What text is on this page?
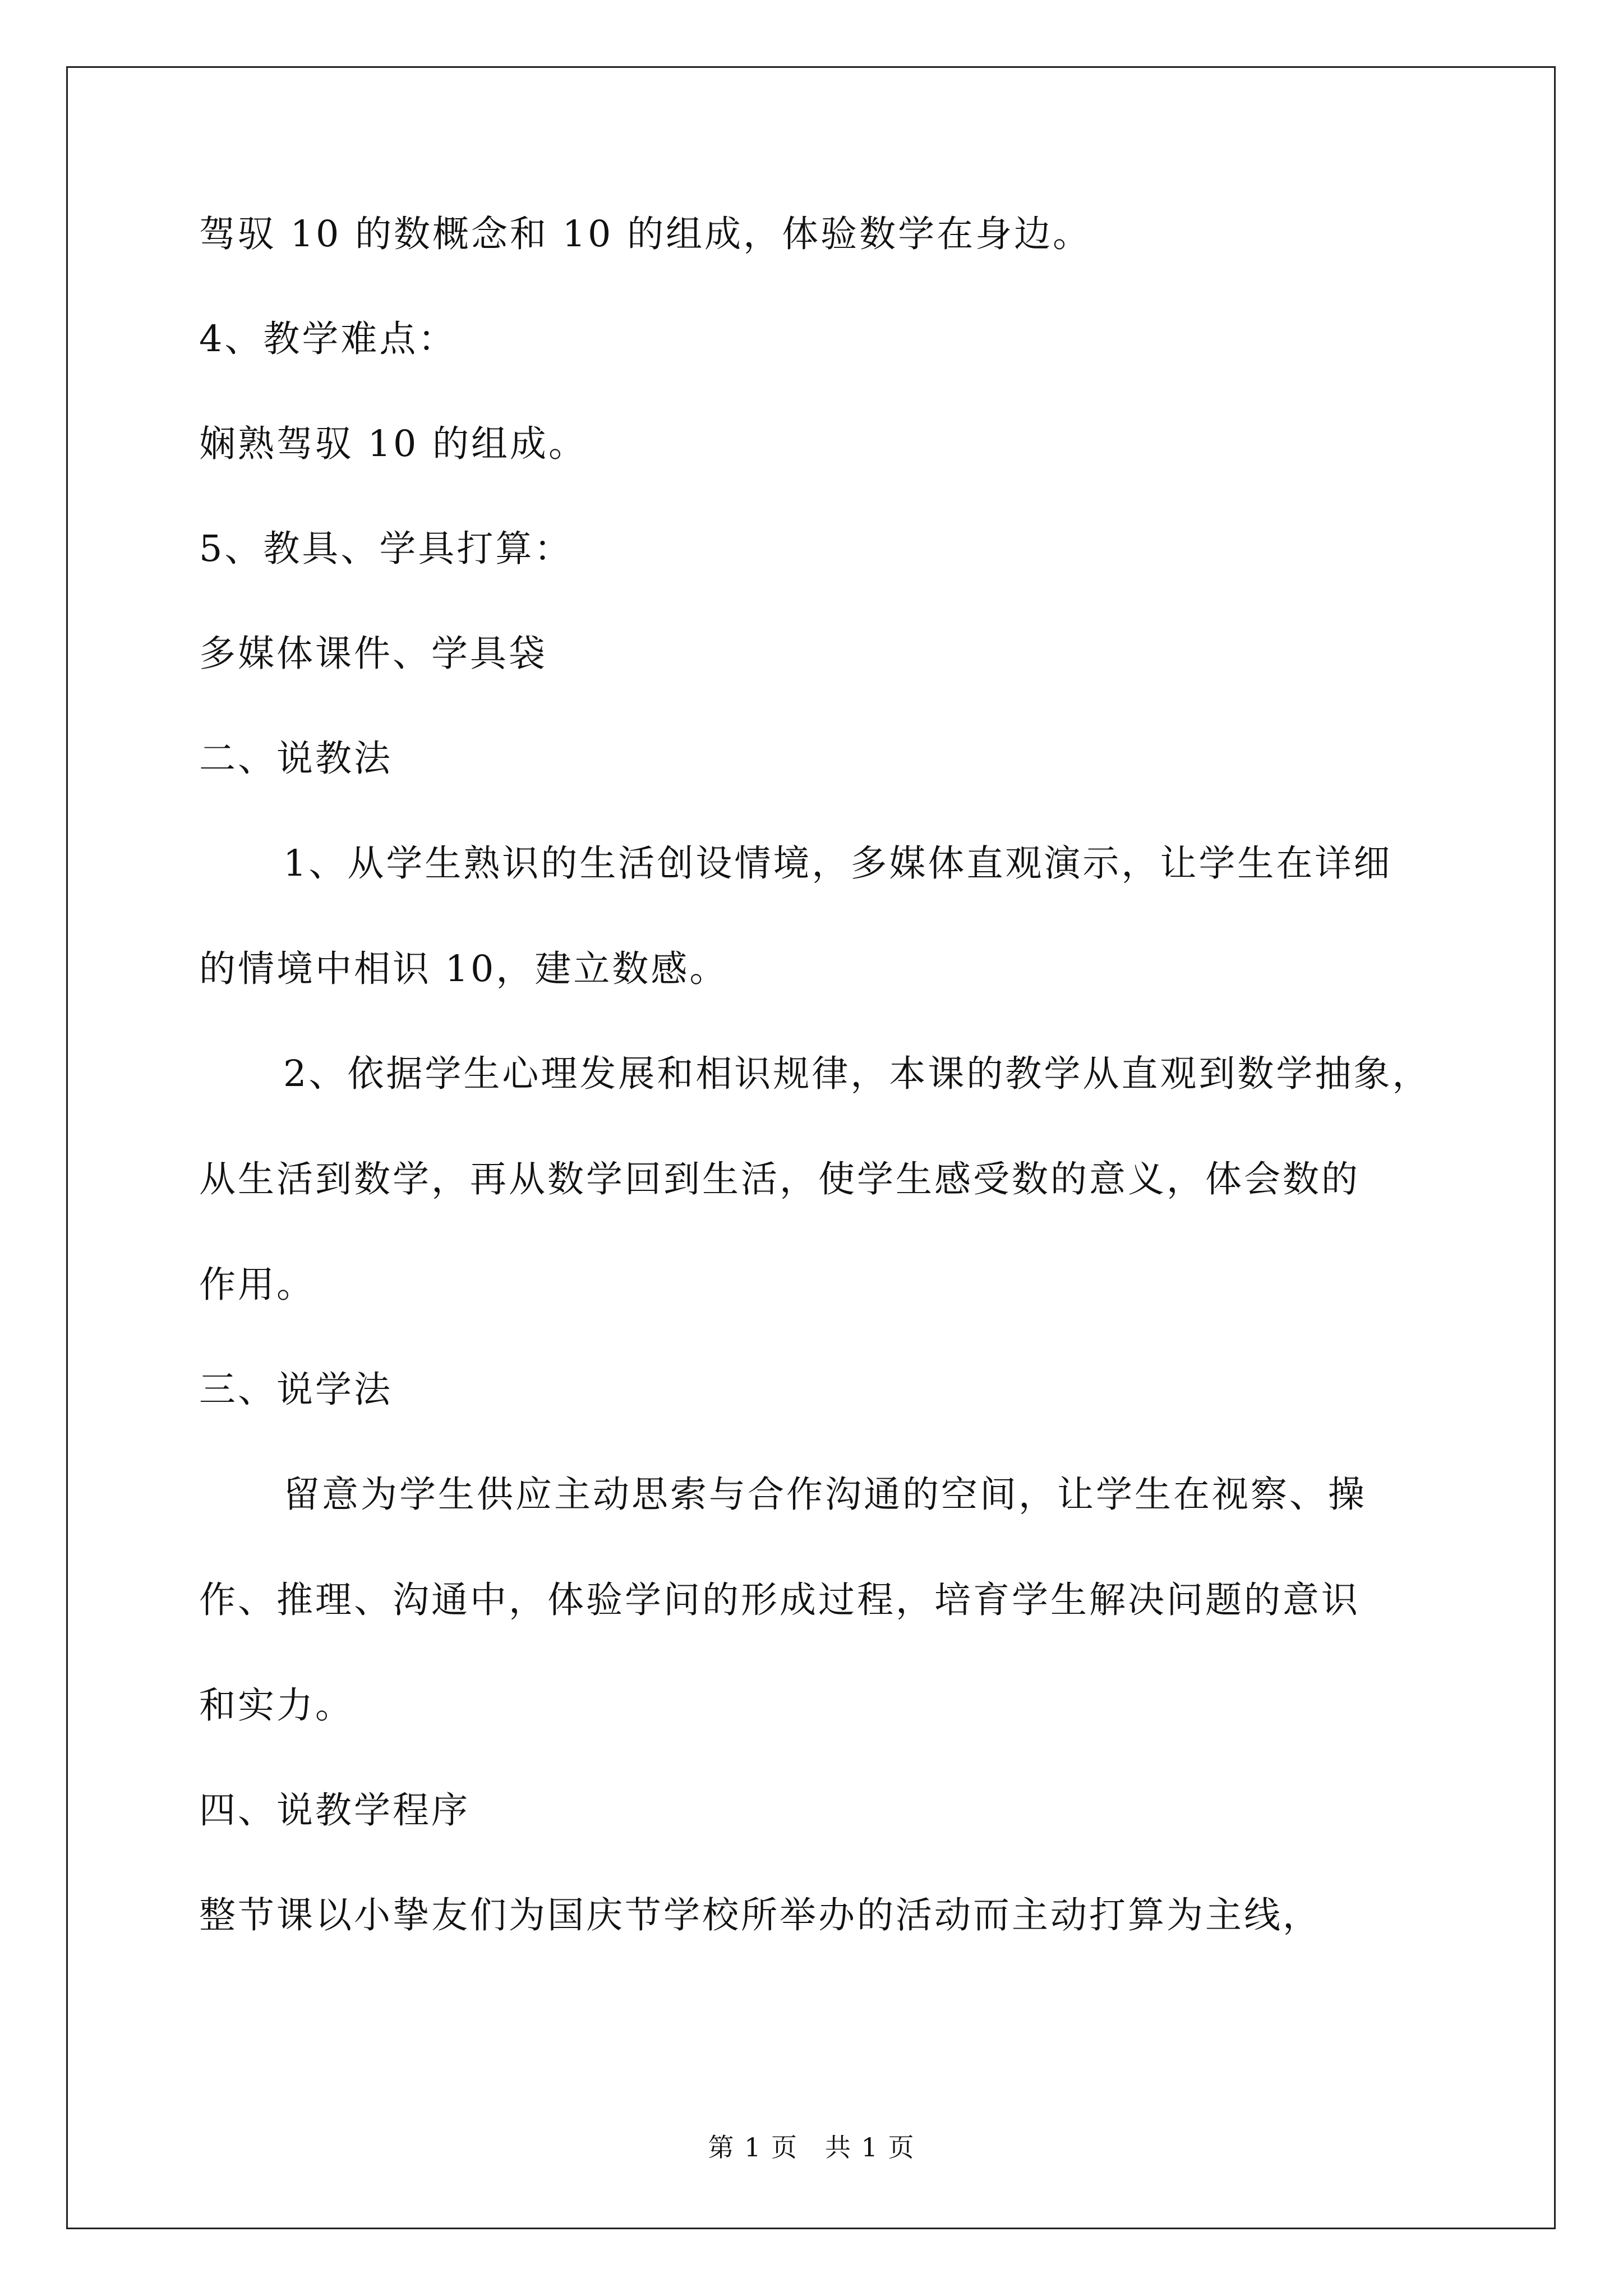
驾驭 10 的数概念和 10 的组成，体验数学在身边。

4、教学难点：

娴熟驾驭 10 的组成。

5、教具、学具打算：

多媒体课件、学具袋

二、说教法

1、从学生熟识的生活创设情境，多媒体直观演示，让学生在详细
的情境中相识 10，建立数感。

2、依据学生心理发展和相识规律，本课的教学从直观到数学抽象，
从生活到数学，再从数学回到生活，使学生感受数的意义，体会数的
作用。

三、说学法

留意为学生供应主动思索与合作沟通的空间，让学生在视察、操
作、推理、沟通中，体验学问的形成过程，培育学生解决问题的意识
和实力。

四、说教学程序

整节课以小挚友们为国庆节学校所举办的活动而主动打算为主线，

第 1 页　共 1 页
